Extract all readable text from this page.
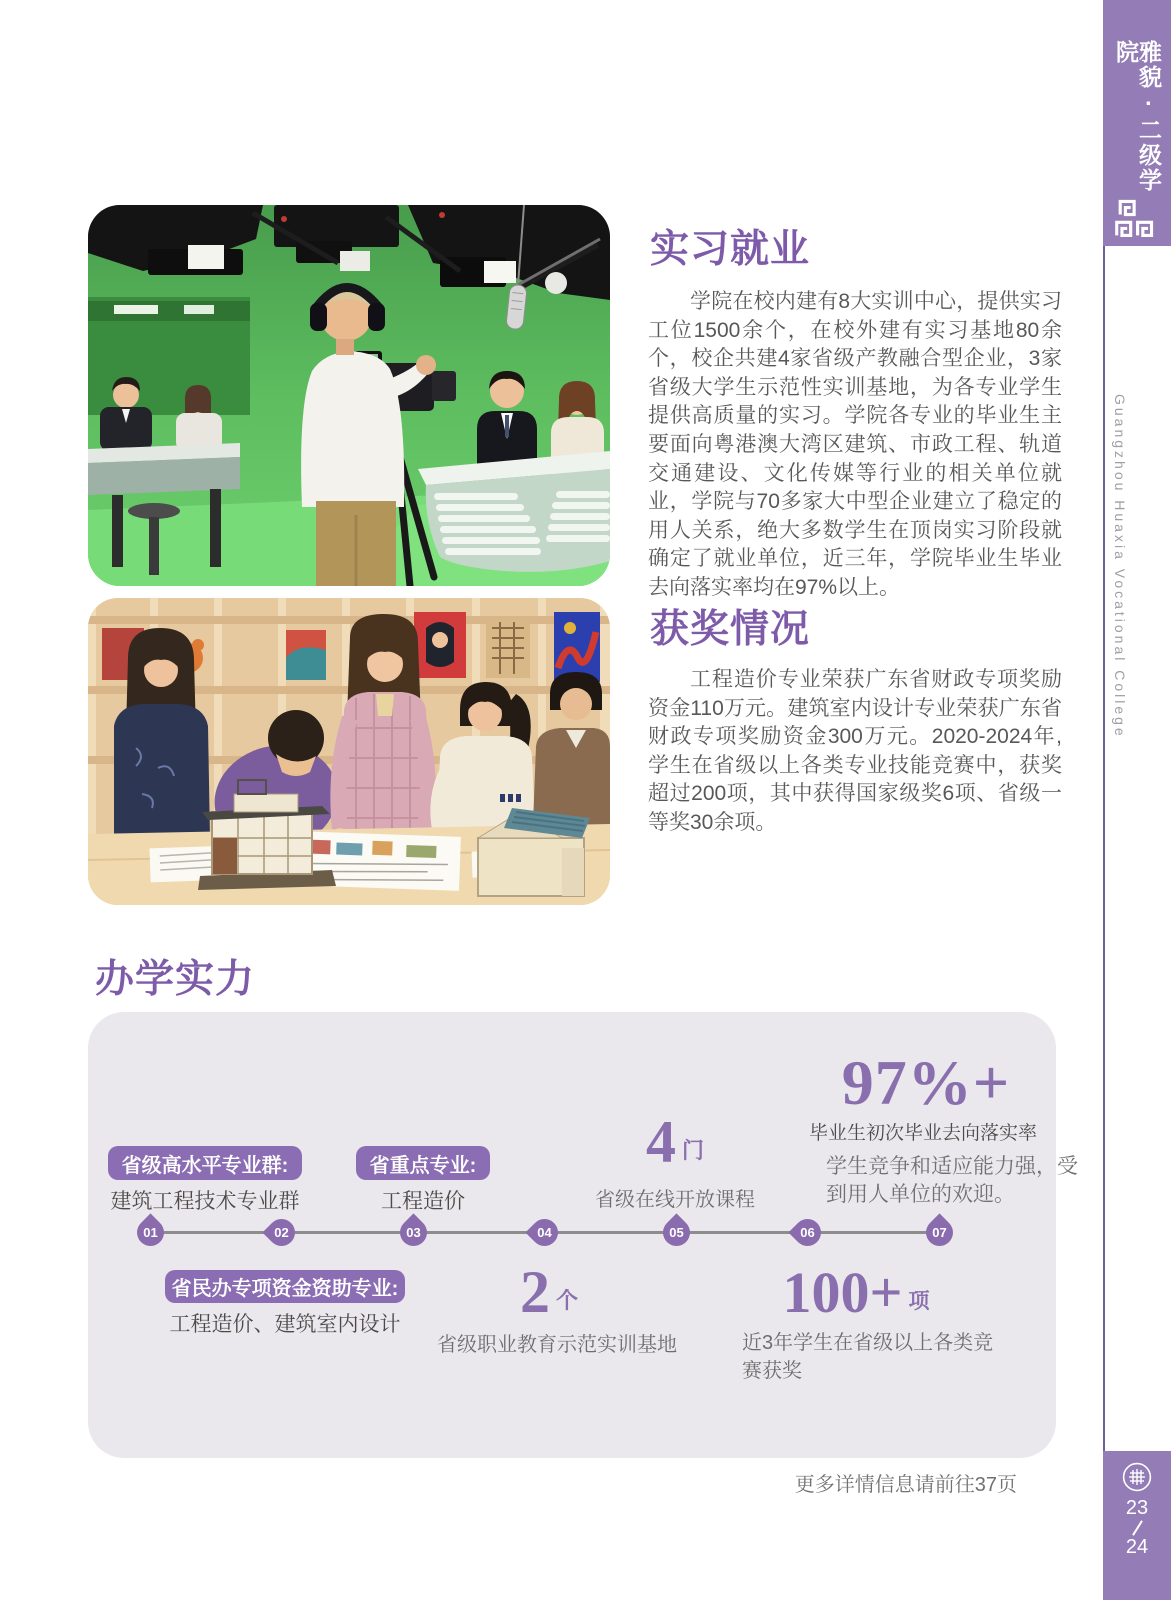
雅貌·二级学院
Guangzhou Huaxia Vocational College
23
24
实习就业

学院在校内建有8大实训中心，提供实习工位1500余个，在校外建有实习基地80余个，校企共建4家省级产教融合型企业，3家省级大学生示范性实训基地，为各专业学生提供高质量的实习。学院各专业的毕业生主要面向粤港澳大湾区建筑、市政工程、轨道交通建设、文化传媒等行业的相关单位就业，学院与70多家大中型企业建立了稳定的用人关系，绝大多数学生在顶岗实习阶段就确定了就业单位，近三年，学院毕业生毕业去向落实率均在97%以上。

获奖情况

工程造价专业荣获广东省财政专项奖励资金110万元。建筑室内设计专业荣获广东省财政专项奖励资金300万元。2020-2024年,学生在省级以上各类专业技能竞赛中，获奖超过200项，其中获得国家级奖6项、省级一等奖30余项。

办学实力
97%+
毕业生初次毕业去向落实率
学生竞争和适应能力强，受到用人单位的欢迎。
省级高水平专业群:
建筑工程技术专业群
省重点专业:
工程造价
4 门
省级在线开放课程
01	02	03	04	05	06	07
省民办专项资金资助专业:
工程造价、建筑室内设计	2 个
省级职业教育示范实训基地
100+ 项
近3年学生在省级以上各类竞赛获奖
更多详情信息请前往37页
